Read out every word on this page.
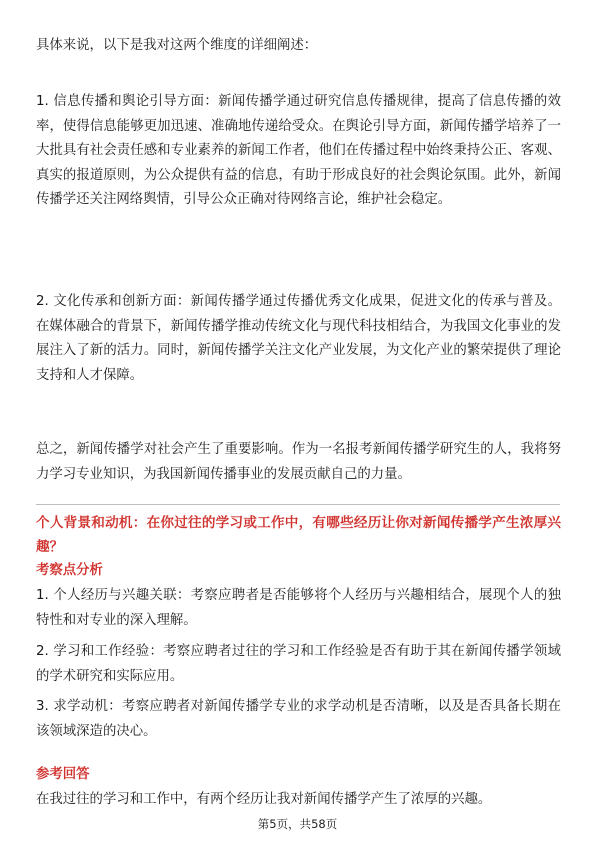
具体来说，以下是我对这两个维度的详细阐述：

1. 信息传播和舆论引导方面：新闻传播学通过研究信息传播规律，提高了信息传播的效率，使得信息能够更加迅速、准确地传递给受众。在舆论引导方面，新闻传播学培养了一大批具有社会责任感和专业素养的新闻工作者，他们在传播过程中始终秉持公正、客观、真实的报道原则，为公众提供有益的信息，有助于形成良好的社会舆论氛围。此外，新闻传播学还关注网络舆情，引导公众正确对待网络言论，维护社会稳定。

2. 文化传承和创新方面：新闻传播学通过传播优秀文化成果，促进文化的传承与普及。在媒体融合的背景下，新闻传播学推动传统文化与现代科技相结合，为我国文化事业的发展注入了新的活力。同时，新闻传播学关注文化产业发展，为文化产业的繁荣提供了理论支持和人才保障。

总之，新闻传播学对社会产生了重要影响。作为一名报考新闻传播学研究生的人，我将努力学习专业知识，为我国新闻传播事业的发展贡献自己的力量。

个人背景和动机：在你过往的学习或工作中，有哪些经历让你对新闻传播学产生浓厚兴趣？

考察点分析

1. 个人经历与兴趣关联：考察应聘者是否能够将个人经历与兴趣相结合，展现个人的独特性和对专业的深入理解。

2. 学习和工作经验：考察应聘者过往的学习和工作经验是否有助于其在新闻传播学领域的学术研究和实际应用。

3. 求学动机：考察应聘者对新闻传播学专业的求学动机是否清晰，以及是否具备长期在该领域深造的决心。

参考回答

在我过往的学习和工作中，有两个经历让我对新闻传播学产生了浓厚的兴趣。

第5页，共58页
